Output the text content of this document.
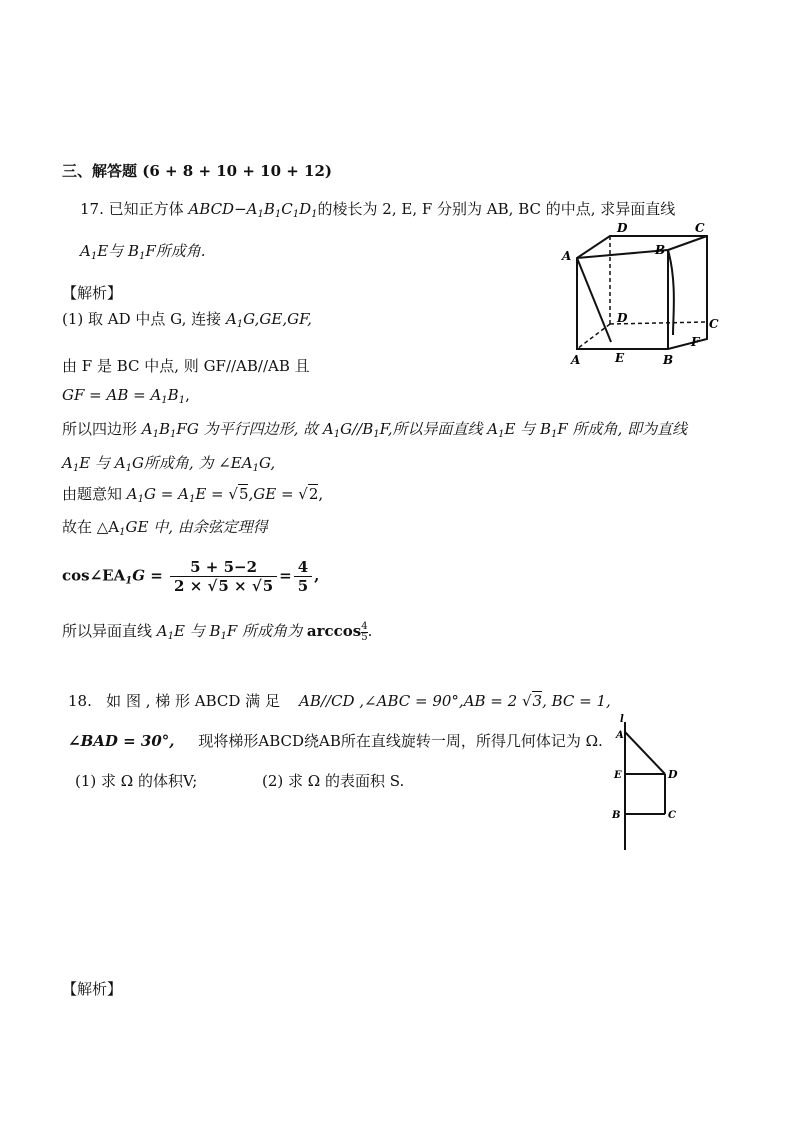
三、解答题 (6 + 8 + 10 + 10 + 12)
17. 已知正方体 $ABCD-A_1B_1C_1D_1$的棱长为 2, E, F 分别为 AB, BC 的中点, 求异面直线
$A_1E$与 $B_1F$所成角.
【解析】
(1) 取 AD 中点 G, 连接 $A_1G,GE,GF$,
由 F 是 BC 中点, 则 GF//AB//AB 且
GF = AB = $A_1B_1$,
所以四边形 $A_1B_1FG$ 为平行四边形, 故 $A_1G//B_1F$,所以异面直线 $A_1E$ 与 $B_1F$ 所成角, 即为直线
$A_1E$ 与 $A_1G$所成角, 为 $\angle EA_1G$,
由题意知 $A_1G = A_1E = √5,GE = √2$,
故在 $\triangle A_1GE$ 中, 由余弦定理得
$\cos\angle EA_1G = \frac{5 + 5-2}{2 \times √5 \times √5} = \frac{4}{5}$ ,
所以异面直线 $A_1E$ 与 $B_1F$ 所成角为 $\arccos \frac{4}{5}$ .
A
A
B
B
C
C
D
D
E
F
18. 如 图 , 梯 形 ABCD 满 足 AB//CD ,∠ABC = 90°,AB = 2 √3, BC = 1,
∠BAD = 30°, 现将梯形ABCD绕AB所在直线旋转一周，所得几何体记为 Ω.
(1) 求 Ω 的体积V;	(2) 求 Ω 的表面积 S.
l
A
E	D
B	C
【解析】
